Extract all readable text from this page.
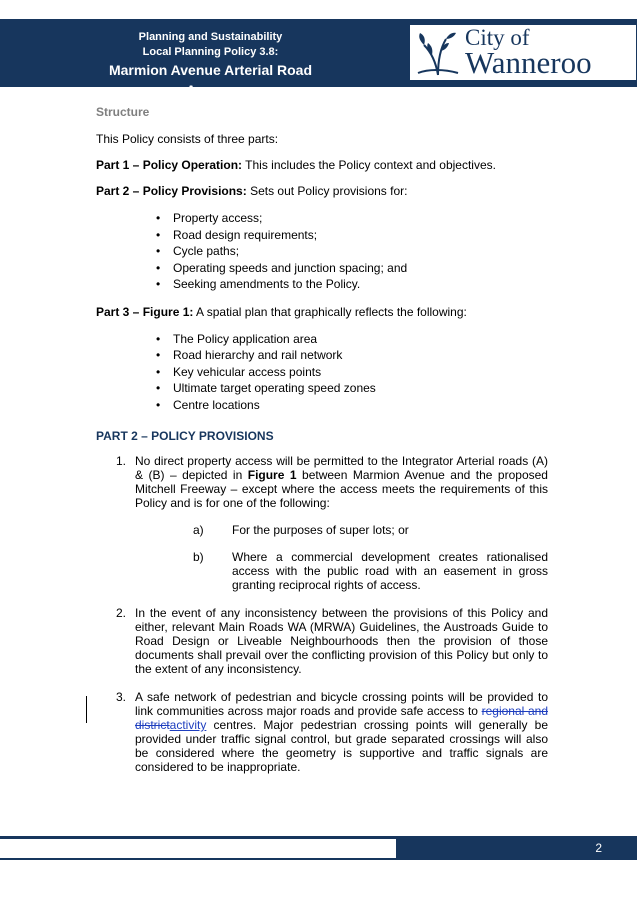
Planning and Sustainability
Local Planning Policy 3.8:
Marmion Avenue Arterial Road Access
City of
Wanneroo
Structure

This Policy consists of three parts:

Part 1 – Policy Operation: This includes the Policy context and objectives.

Part 2 – Policy Provisions: Sets out Policy provisions for:

• Property access;
• Road design requirements;
• Cycle paths;
• Operating speeds and junction spacing; and
• Seeking amendments to the Policy.

Part 3 – Figure 1: A spatial plan that graphically reflects the following:

• The Policy application area
• Road hierarchy and rail network
• Key vehicular access points
• Ultimate target operating speed zones
• Centre locations
PART 2 – POLICY PROVISIONS
1. No direct property access will be permitted to the Integrator Arterial roads (A) & (B) – depicted in Figure 1 between Marmion Avenue and the proposed Mitchell Freeway – except where the access meets the requirements of this Policy and is for one of the following:
a) For the purposes of super lots; or
b) Where a commercial development creates rationalised access with the public road with an easement in gross granting reciprocal rights of access.
2. In the event of any inconsistency between the provisions of this Policy and either, relevant Main Roads WA (MRWA) Guidelines, the Austroads Guide to Road Design or Liveable Neighbourhoods then the provision of those documents shall prevail over the conflicting provision of this Policy but only to the extent of any inconsistency.
3. A safe network of pedestrian and bicycle crossing points will be provided to link communities across major roads and provide safe access to regional and districtactivity centres. Major pedestrian crossing points will generally be provided under traffic signal control, but grade separated crossings will also be considered where the geometry is supportive and traffic signals are considered to be inappropriate.
2
